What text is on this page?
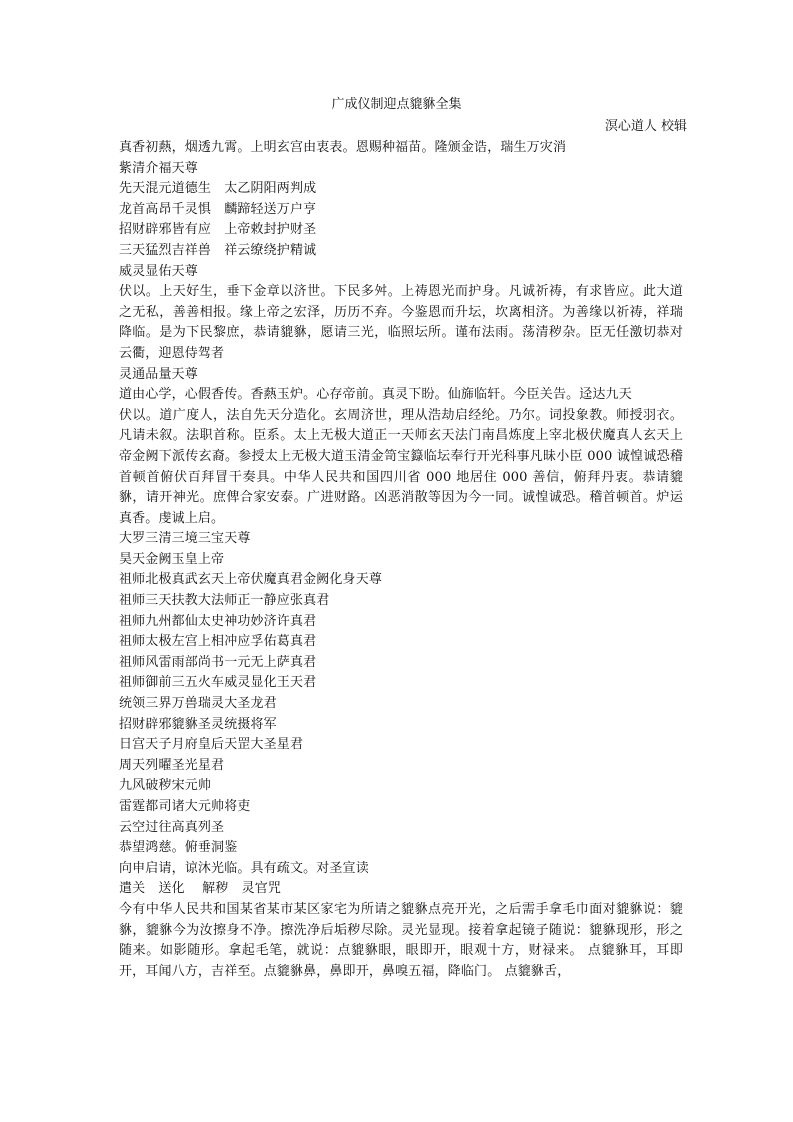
广成仪制迎点貔貅全集
溟心道人 校辑
真香初爇，烟透九霄。上明玄宫由衷表。恩赐种福苗。隆颁金诰，瑞生万灾消
紫清介福天尊
先天混元道德生　太乙阴阳两判成
龙首高昂千灵惧　麟蹄轻送万户亨
招财辟邪皆有应　上帝敕封护财圣
三天猛烈吉祥兽　祥云缭绕护精诚
威灵显佑天尊
伏以。上天好生，垂下金章以济世。下民多舛。上祷恩光而护身。凡诚祈祷，有求皆应。此大道之无私，善善相报。缘上帝之宏泽，历历不弃。今鉴恩而升坛，坎离相济。为善缘以祈祷，祥瑞降临。是为下民黎庶，恭请貔貅，愿请三光，临照坛所。谨布法雨。荡清秽杂。臣无任激切恭对云衢，迎恩侍驾者
灵通品量天尊
道由心学，心假香传。香爇玉炉。心存帝前。真灵下盼。仙旆临轩。今臣关告。迳达九天
伏以。道广度人，法自先天分造化。玄周济世，理从浩劫启经纶。乃尔。词投象教。师授羽衣。凡请未叙。法职首称。臣系。太上无极大道正一天师玄天法门南昌炼度上宰北极伏魔真人玄天上帝金阙下派传玄裔。参授太上无极大道玉清金笥宝籙临坛奉行开光科事凡昧小臣 000 诚惶诚恐稽首顿首俯伏百拜冒干奏具。中华人民共和国四川省 000 地居住 000 善信，俯拜丹衷。恭请貔貅，请开神光。庶俾合家安泰。广进财路。凶恶消散等因为今一同。诚惶诚恐。稽首顿首。炉运真香。虔诚上启。
大罗三清三境三宝天尊
昊天金阙玉皇上帝
祖师北极真武玄天上帝伏魔真君金阙化身天尊
祖师三天扶教大法师正一静应张真君
祖师九州都仙太史神功妙济许真君
祖师太极左宫上相冲应孚佑葛真君
祖师风雷雨部尚书一元无上萨真君
祖师御前三五火车威灵显化王天君
统领三界万兽瑞灵大圣龙君
招财辟邪貔貅圣灵统摄将军
日宫天子月府皇后天罡大圣星君
周天列曜圣光星君
九风破秽宋元帅
雷霆都司诸大元帅将吏
云空过往高真列圣
恭望鸿慈。俯垂洞鉴
向申启请，谅沐光临。具有疏文。对圣宣读
遣关　送化　 解秽　灵官咒
今有中华人民共和国某省某市某区家宅为所请之貔貅点亮开光，之后需手拿毛巾面对貔貅说：貔貅，貔貅今为汝擦身不净。擦洗净后垢秽尽除。灵光显现。接着拿起镜子随说：貔貅现形，形之随来。如影随形。拿起毛笔，就说：点貔貅眼，眼即开，眼观十方，财禄来。 点貔貅耳，耳即开，耳闻八方，吉祥至。点貔貅鼻，鼻即开，鼻嗅五福，降临门。 点貔貅舌，
